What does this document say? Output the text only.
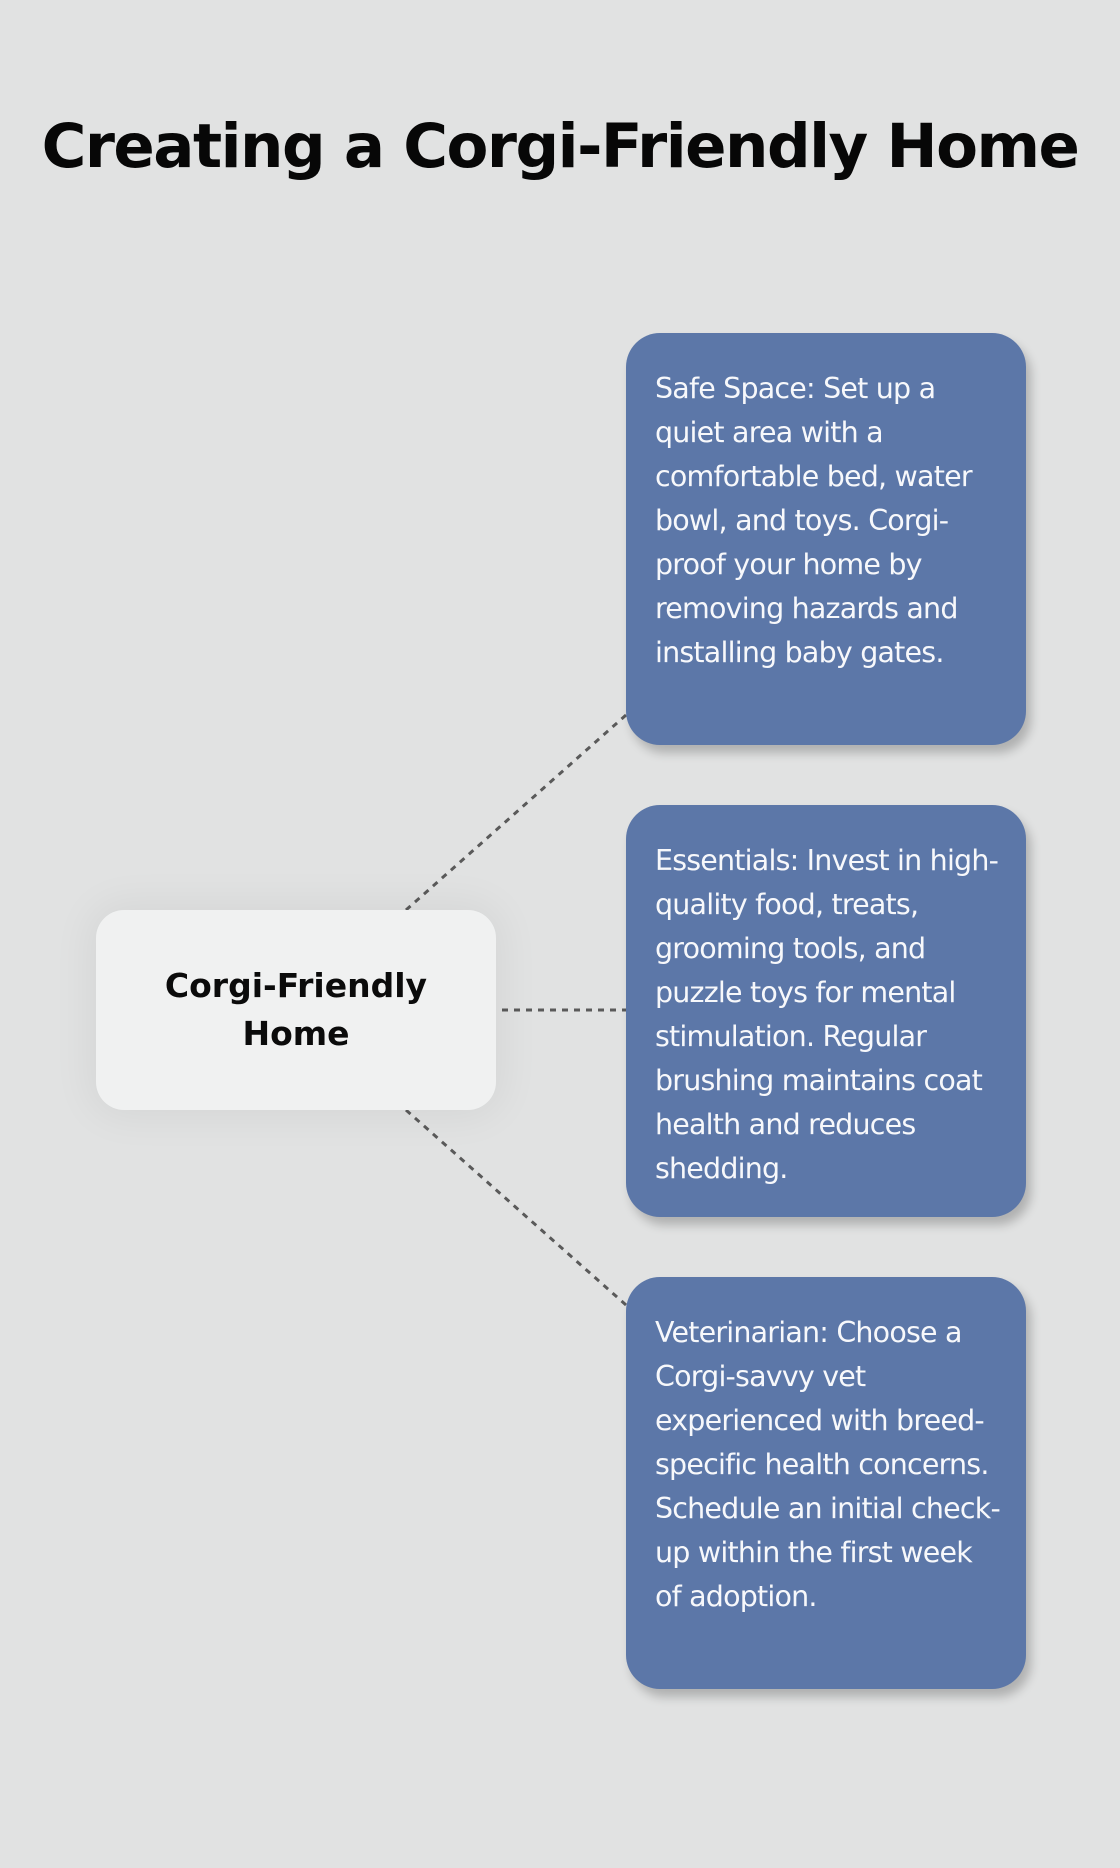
Creating a Corgi-Friendly Home
Corgi-Friendly Home
Safe Space: Set up a quiet area with a comfortable bed, water bowl, and toys. Corgi-proof your home by removing hazards and installing baby gates.
Essentials: Invest in high-quality food, treats, grooming tools, and puzzle toys for mental stimulation. Regular brushing maintains coat health and reduces shedding.
Veterinarian: Choose a Corgi-savvy vet experienced with breed-specific health concerns. Schedule an initial check-up within the first week of adoption.
